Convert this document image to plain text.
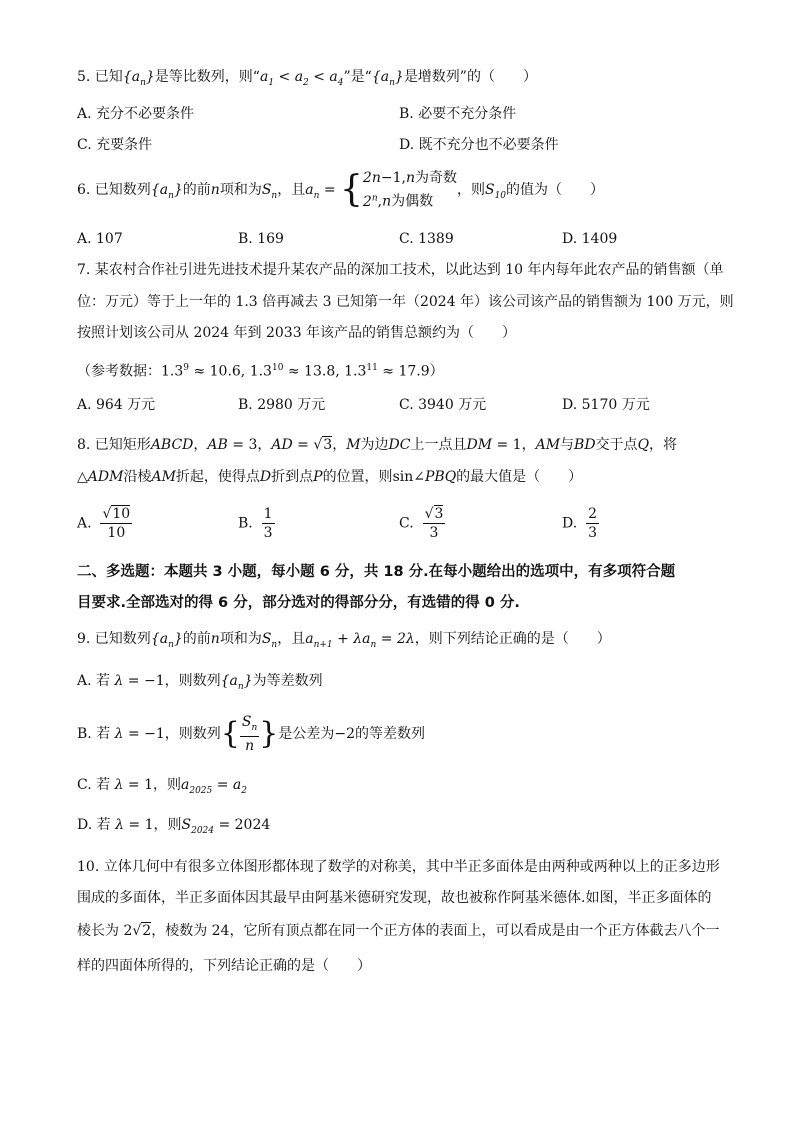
5. 已知$\{a_n\}$是等比数列，则“$a_1 < a_2 < a_4$”是“$\{a_n\}$是增数列”的（　　）
A. 充分不必要条件	B. 必要不充分条件
C. 充要条件	D. 既不充分也不必要条件
6. 已知数列$\{a_n\}$的前n项和为$S_n$，且$a_n = \{2n-1,n$为奇数
2$^n$,n为偶数，则$S_{10}$的值为（　　）
A. 107	B. 169	C. 1389	D. 1409
7. 某农村合作社引进先进技术提升某农产品的深加工技术，以此达到 10 年内每年此农产品的销售额（单
位：万元）等于上一年的 1.3 倍再减去 3 已知第一年（2024 年）该公司该产品的销售额为 100 万元，则
按照计划该公司从 2024 年到 2033 年该产品的销售总额约为（　　）
（参考数据：$1.3^9 \approx 10.6$, $1.3^{10} \approx 13.8$, $1.3^{11} \approx 17.9$）
A. 964 万元	B. 2980 万元	C. 3940 万元	D. 5170 万元
8. 已知矩形ABCD，AB = 3，AD = √3，M为边DC上一点且DM = 1，AM与BD交于点Q，将
△ADM沿棱AM折起，使得点D折到点P的位置，则sin∠PBQ的最大值是（　　）
A. $\frac{√10}{10}$	B. $\frac{1}{3}$	C. $\frac{√3}{3}$	D. $\frac{2}{3}$
二、多选题：本题共 3 小题，每小题 6 分，共 18 分.在每小题给出的选项中，有多项符合题
目要求.全部选对的得 6 分，部分选对的得部分分，有选错的得 0 分.
9. 已知数列$\{a_n\}$的前n项和为$S_n$，且$a_{n+1} + \lambda a_n = 2\lambda$，则下列结论正确的是（　　）
A. 若 λ = −1，则数列$\{a_n\}$为等差数列
B. 若 λ = −1，则数列{ $\frac{S_n}{n}$ }是公差为−2的等差数列
C. 若 λ = 1，则$a_{2025} = a_2$
D. 若 λ = 1，则$S_{2024} = 2024$
10. 立体几何中有很多立体图形都体现了数学的对称美，其中半正多面体是由两种或两种以上的正多边形
围成的多面体，半正多面体因其最早由阿基米德研究发现，故也被称作阿基米德体.如图，半正多面体的
棱长为 2√2，棱数为 24，它所有顶点都在同一个正方体的表面上，可以看成是由一个正方体截去八个一
样的四面体所得的，下列结论正确的是（　　）
